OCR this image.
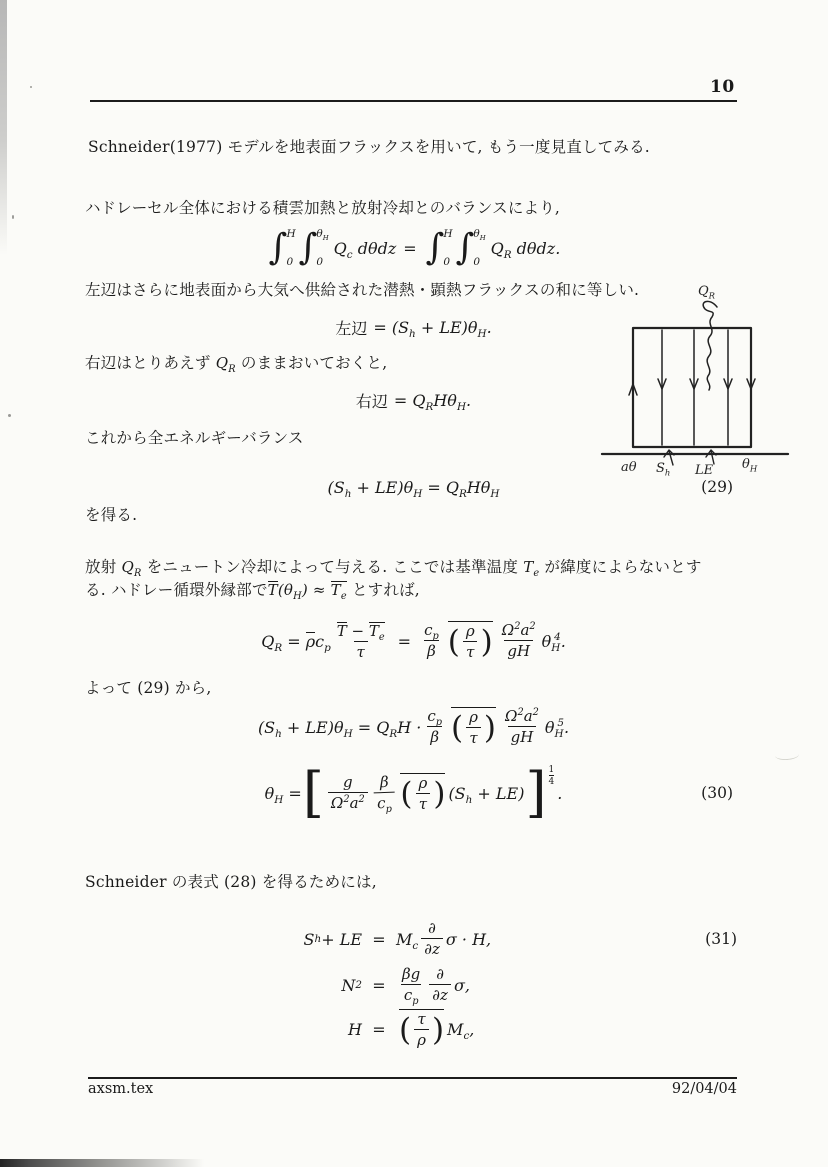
10
Schneider(1977) モデルを地表面フラックスを用いて, もう一度見直してみる.
ハドレーセル全体における積雲加熱と放射冷却とのバランスにより,
∫ H
0 ∫ $\theta_H$
0
$Q_c$ dθdz = ∫ H
0 ∫ $\theta_H$
0
$Q_R$ dθdz.
左辺はさらに地表面から大気へ供給された潜熱・顕熱フラックスの和に等しい.
左辺 = $(S_h + LE)\theta_H$.
右辺はとりあえず $Q_R$ のままおいておくと,
右辺 = $Q_RH\theta_H$.
これから全エネルギーバランス
$(S_h + LE)\theta_H = Q_RH\theta_H$	(29)
を得る.
$Q_R$
aθ $S_h$ LE $\theta_H$
放射 $Q_R$ をニュートン冷却によって与える. ここでは基準温度 $T_e$ が緯度によらないとす
る. ハドレー循環外縁部で$T(\theta_H) \approx T_e$ とすれば,
$Q_R = \rho c_p \frac{T - T_e}{\tau} = \frac{c_p}{\beta}$ ( $\frac{\rho}{\tau}$ ) $\frac{\Omega^2a^2}{gH} \theta_H^4$.
よって (29) から,
$(S_h + LE)\theta_H = Q_RH \cdot \frac{c_p}{\beta}$ ( $\frac{\rho}{\tau}$ ) $\frac{\Omega^2a^2}{gH} \theta_H^5$.
$\theta_H$ = [ $\frac{g}{\Omega^2a^2} \frac{\beta}{c_p}$ ( $\frac{\rho}{\tau}$ ) $(S_h + LE)$ ] $\frac{1}{4}$
.	(30)
Schneider の表式 (28) を得るためには,
S h + LE = $M_c \frac{\partial}{\partial z}$ σ · H,	(31)
N $2 = \frac{\beta g}{c_p} \frac{\partial}{\partial z} \sigma$,
H = ( $\frac{\tau}{\rho}$ ) $M_c$,
axsm.tex	92/04/04
